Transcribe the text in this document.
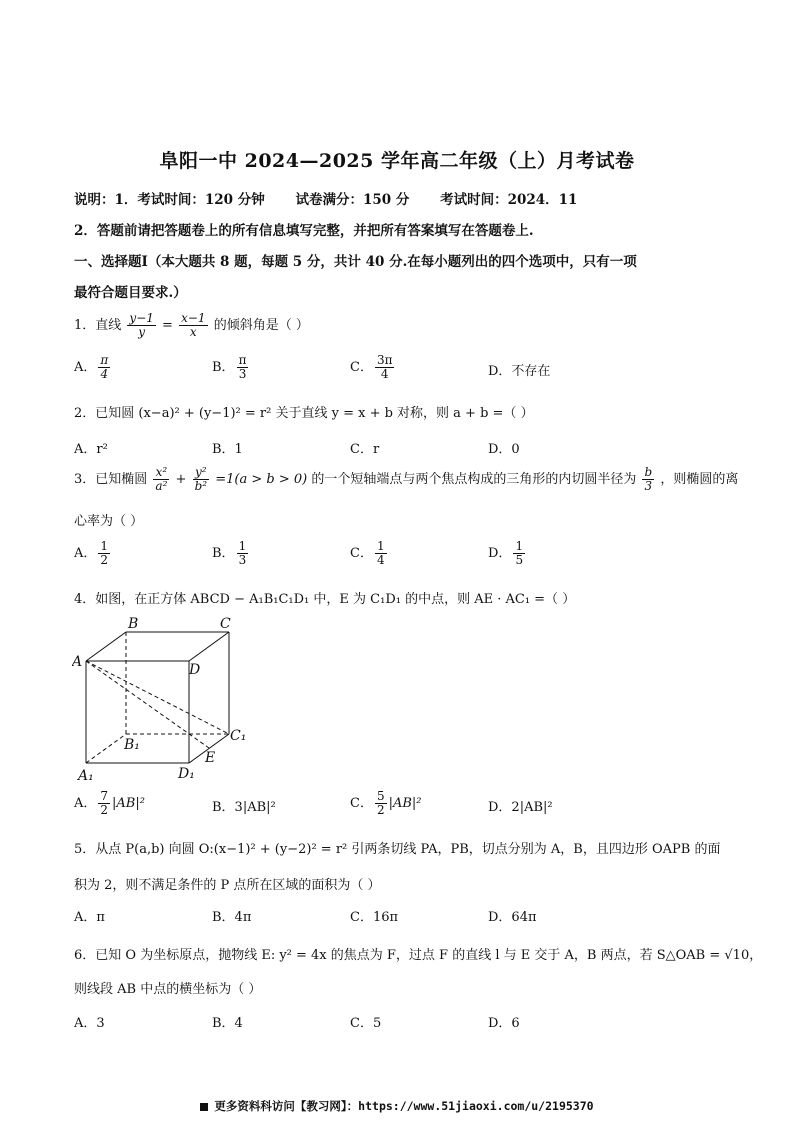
阜阳一中 2024—2025 学年高二年级（上）月考试卷
说明：1．考试时间：120 分钟 试卷满分：150 分 考试时间：2024．11
2．答题前请把答题卷上的所有信息填写完整，并把所有答案填写在答题卷上.
一、选择题Ⅰ（本大题共 8 题，每题 5 分，共计 40 分.在每小题列出的四个选项中，只有一项
最符合题目要求.）
1．直线 $\frac{y-1}{y} = \frac{x-1}{x}$ 的倾斜角是（ ）
A． $\frac{\pi}{4}$	B． $\frac{\pi}{3}$	C． $\frac{3\pi}{4}$	D．不存在
2．已知圆 (x−a)² + (y−1)² = r² 关于直线 y = x + b 对称，则 a + b =（ ）
A．r²	B．1	C．r	D．0
3．已知椭圆 $\frac{\text{x²}}{\text{a²}} + \frac{\text{y²}}{\text{b²}} =1(a > b > 0)$ 的一个短轴端点与两个焦点构成的三角形的内切圆半径为 $\frac{b}{3}$ ，则椭圆的离
心率为（ ）
A． $\frac{1}{2}$	B． $\frac{1}{3}$	C． $\frac{1}{4}$	D． $\frac{1}{5}$
4．如图，在正方体 ABCD − A₁B₁C₁D₁ 中，E 为 C₁D₁ 的中点，则 AE · AC₁ =（ ）
A
B	C
D
A₁
B₁
C₁
D₁
E
A． $\frac{7}{2} |AB|^2$	B．3|AB|²	C． $\frac{5}{2} |AB|^2$	D．2|AB|²
5．从点 P(a,b) 向圆 O:(x−1)² + (y−2)² = r² 引两条切线 PA，PB，切点分别为 A，B，且四边形 OAPB 的面
积为 2，则不满足条件的 P 点所在区域的面积为（ ）
A．π	B．4π	C．16π	D．64π
6．已知 O 为坐标原点，抛物线 E: y² = 4x 的焦点为 F，过点 F 的直线 l 与 E 交于 A，B 两点，若 S△OAB = √10，
则线段 AB 中点的横坐标为（ ）
A．3	B．4	C．5	D．6
更多资料科访问【教习网】：https://www.51jiaoxi.com/u/2195370
